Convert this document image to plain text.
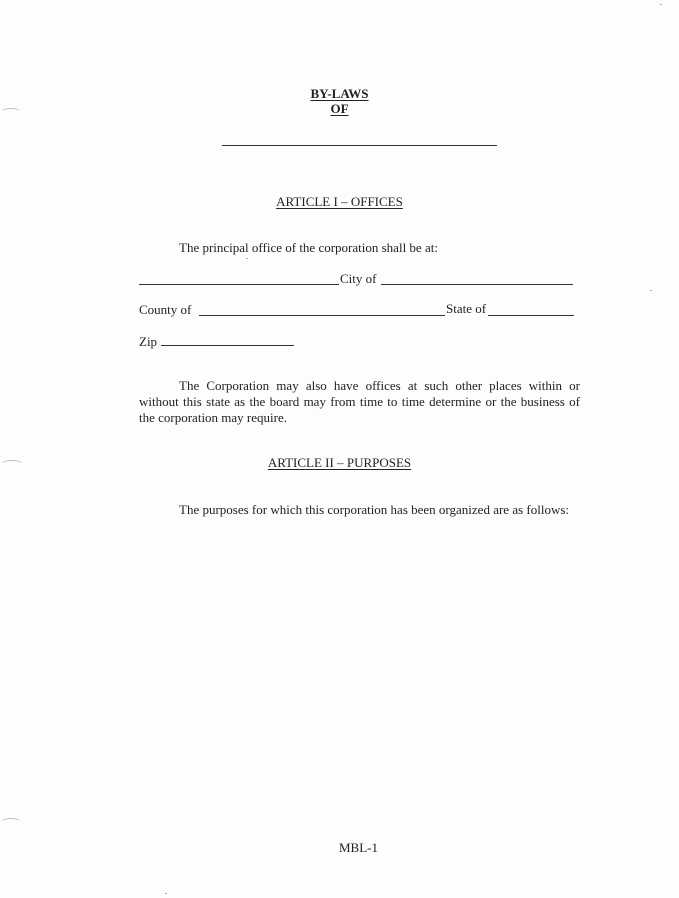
BY-LAWS
OF
ARTICLE I – OFFICES
The principal office of the corporation shall be at:
City of
County of	State of
Zip
The Corporation may also have offices at such other places within or without this state as the board may from time to time determine or the business of the corporation may require.
ARTICLE II – PURPOSES
The purposes for which this corporation has been organized are as follows:
MBL-1
